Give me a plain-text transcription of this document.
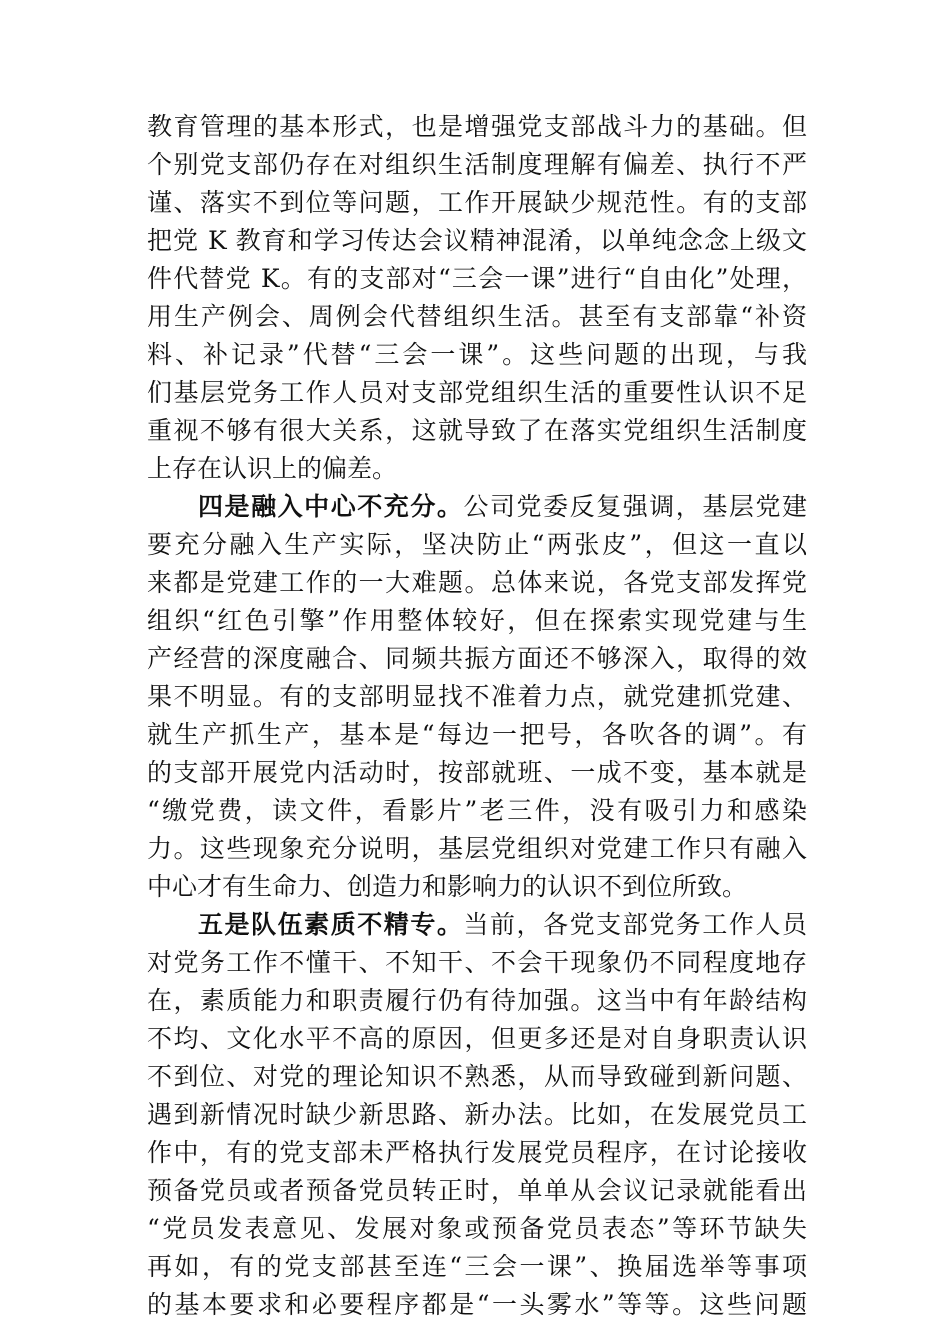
教育管理的基本形式，也是增强党支部战斗力的基础。但
个别党支部仍存在对组织生活制度理解有偏差、执行不严
谨、落实不到位等问题，工作开展缺少规范性。有的支部
把党 K 教育和学习传达会议精神混淆，以单纯念念上级文
件代替党 K。有的支部对“三会一课”进行“自由化”处理，
用生产例会、周例会代替组织生活。甚至有支部靠“补资
料、补记录”代替“三会一课”。这些问题的出现，与我
们基层党务工作人员对支部党组织生活的重要性认识不足
重视不够有很大关系，这就导致了在落实党组织生活制度
上存在认识上的偏差。
四是融入中心不充分。公司党委反复强调，基层党建
要充分融入生产实际，坚决防止“两张皮”，但这一直以
来都是党建工作的一大难题。总体来说，各党支部发挥党
组织“红色引擎”作用整体较好，但在探索实现党建与生
产经营的深度融合、同频共振方面还不够深入，取得的效
果不明显。有的支部明显找不准着力点，就党建抓党建、
就生产抓生产，基本是“每边一把号，各吹各的调”。有
的支部开展党内活动时，按部就班、一成不变，基本就是
“缴党费，读文件，看影片”老三件，没有吸引力和感染
力。这些现象充分说明，基层党组织对党建工作只有融入
中心才有生命力、创造力和影响力的认识不到位所致。
五是队伍素质不精专。当前，各党支部党务工作人员
对党务工作不懂干、不知干、不会干现象仍不同程度地存
在，素质能力和职责履行仍有待加强。这当中有年龄结构
不均、文化水平不高的原因，但更多还是对自身职责认识
不到位、对党的理论知识不熟悉，从而导致碰到新问题、
遇到新情况时缺少新思路、新办法。比如，在发展党员工
作中，有的党支部未严格执行发展党员程序，在讨论接收
预备党员或者预备党员转正时，单单从会议记录就能看出
“党员发表意见、发展对象或预备党员表态”等环节缺失
再如，有的党支部甚至连“三会一课”、换届选举等事项
的基本要求和必要程序都是“一头雾水”等等。这些问题
